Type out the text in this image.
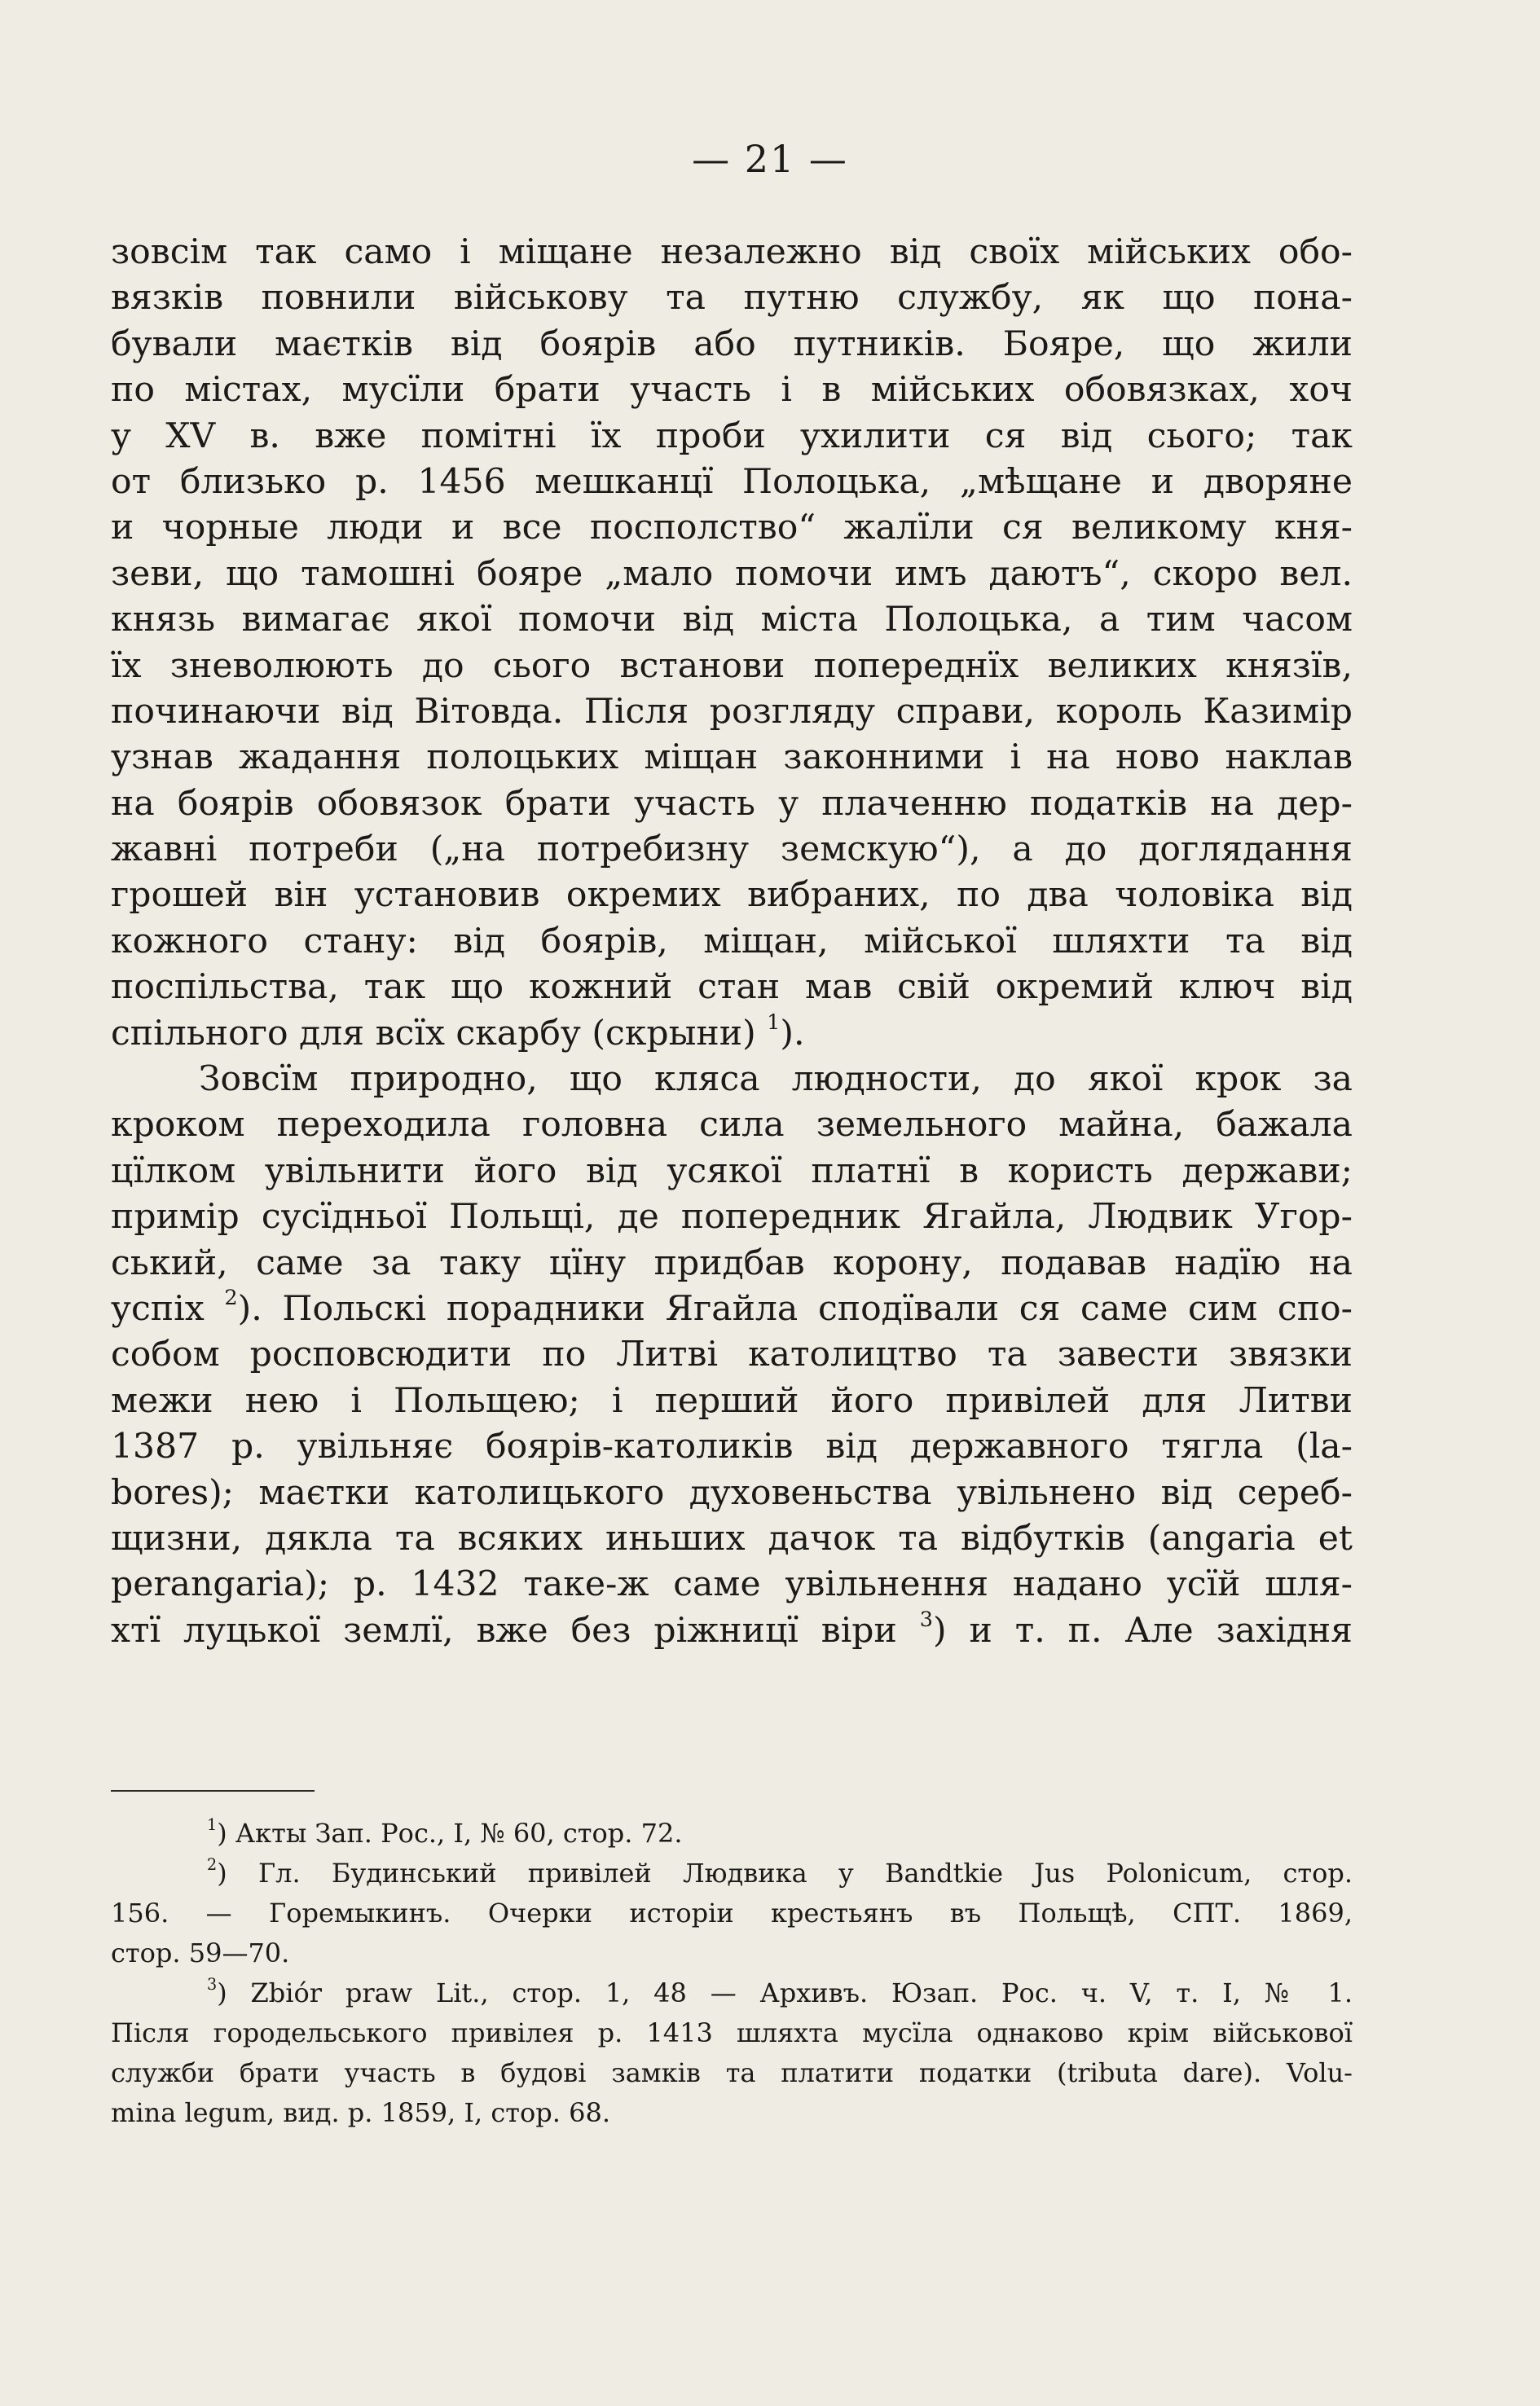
— 21 —
зовсім так само і міщане незалежно від своїх мійських обо-
вязків повнили військову та путню службу, як що пона-
бували маєтків від боярів або путників. Бояре, що жили
по містах, мусїли брати участь і в мійських обовязках, хоч
у XV в. вже помітні їх проби ухилити ся від сього; так
от близько р. 1456 мешканцї Полоцька, „мѣщане и дворяне
и чорные люди и все посполство“ жалїли ся великому кня-
зеви, що тамошні бояре „мало помочи имъ даютъ“, скоро вел.
князь вимагає якої помочи від міста Полоцька, а тим часом
їх зневолюють до сього встанови попереднїх великих князїв,
починаючи від Вітовда. Після розгляду справи, король Казимір
узнав жадання полоцьких міщан законними і на ново наклав
на боярів обовязок брати участь у плаченню податків на дер-
жавні потреби („на потребизну земскую“), а до доглядання
грошей він установив окремих вибраних, по два чоловіка від
кожного стану: від боярів, міщан, мійської шляхти та від
поспільства, так що кожний стан мав свій окремий ключ від
спільного для всїх скарбу (скрыни) $^1$).
Зовсїм природно, що кляса людности, до якої крок за
кроком переходила головна сила земельного майна, бажала
цїлком увільнити його від усякої платнї в користь держави;
примір сусїдньої Польщі, де попередник Ягайла, Людвик Угор-
ський, саме за таку цїну придбав корону, подавав надїю на
успіх $^2$). Польскі порадники Ягайла сподївали ся саме сим спо-
собом росповсюдити по Литві католицтво та завести звязки
межи нею і Польщею; і перший його привілей для Литви
1387 р. увільняє боярів-католиків від державного тягла (la-
bores); маєтки католицького духовеньства увільнено від сереб-
щизни, дякла та всяких иньших дачок та відбутків (angaria et
perangaria); р. 1432 таке-ж саме увільнення надано усїй шля-
хтї луцької землї, вже без ріжницї віри $^3$) и т. п. Але західня
$^1$) Акты Зап. Рос., I, № 60, стор. 72.
$^2$) Гл. Будинський привілей Людвика у Bandtkie Jus Polonicum, стор.
156. — Горемыкинъ. Очерки исторіи крестьянъ въ Польщѣ, СПТ. 1869,
стор. 59—70.
$^3$) Zbiór praw Lit., стор. 1, 48 — Архивъ. Юзап. Рос. ч. V, т. I, № 1.
Після городельського привілея р. 1413 шляхта мусїла однаково крім військової
служби брати участь в будові замків та платити податки (tributa dare). Volu-
mina legum, вид. р. 1859, I, стор. 68.
